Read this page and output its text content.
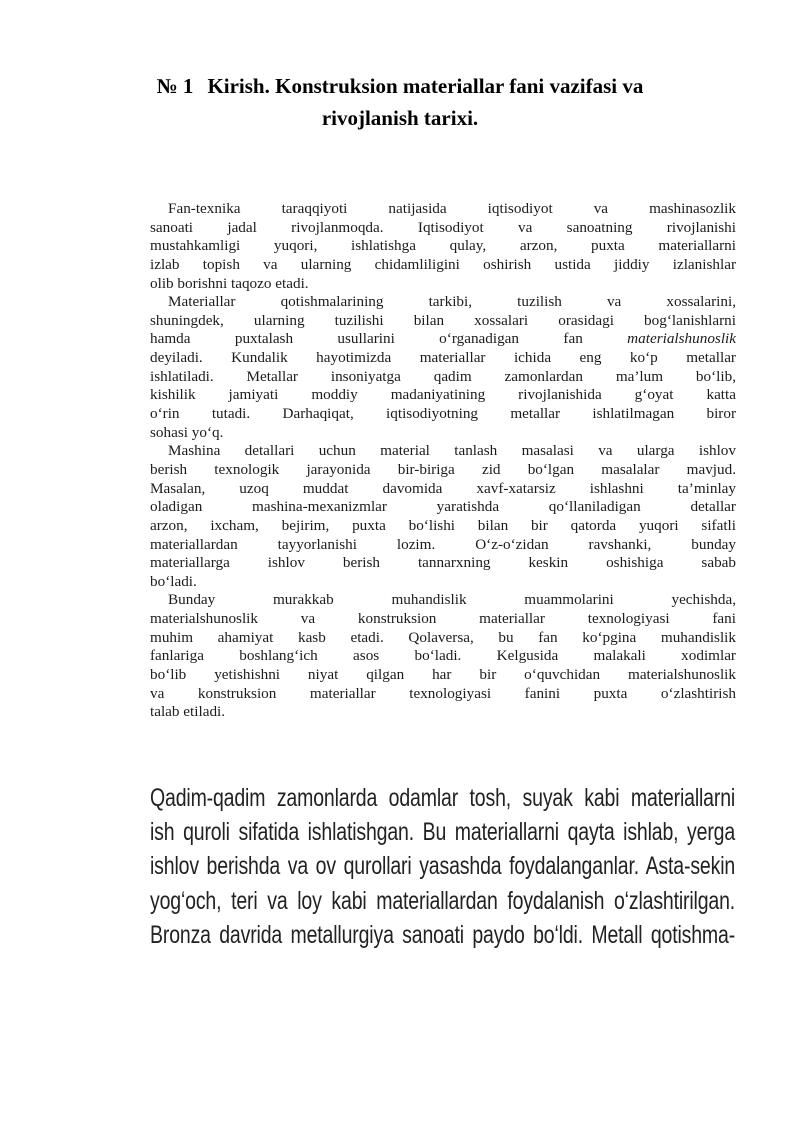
№ 1 Kirish. Konstruksion materiallar fani vazifasi va
rivojlanish tarixi.
Fan-texnika taraqqiyoti natijasida iqtisodiyot va mashinasozlik
sanoati jadal rivojlanmoqda. Iqtisodiyot va sanoatning rivojlanishi
mustahkamligi yuqori, ishlatishga qulay, arzon, puxta materiallarni
izlab topish va ularning chidamliligini oshirish ustida jiddiy izlanishlar
olib borishni taqozo etadi.
Materiallar qotishmalarining tarkibi, tuzilish va xossalarini,
shuningdek, ularning tuzilishi bilan xossalari orasidagi bog‘lanishlarni
hamda puxtalash usullarini o‘rganadigan fan	materialshunoslik
deyiladi. Kundalik hayotimizda materiallar ichida eng ko‘p metallar
ishlatiladi. Metallar insoniyatga qadim zamonlardan ma’lum bo‘lib,
kishilik jamiyati moddiy madaniyatining rivojlanishida g‘oyat katta
o‘rin tutadi. Darhaqiqat, iqtisodiyotning metallar ishlatilmagan biror
sohasi yo‘q.
Mashina detallari uchun material tanlash masalasi va ularga ishlov
berish texnologik jarayonida bir-biriga zid bo‘lgan masalalar mavjud.
Masalan, uzoq muddat davomida xavf-xatarsiz ishlashni ta’minlay
oladigan mashina-mexanizmlar yaratishda qo‘llaniladigan detallar
arzon, ixcham, bejirim, puxta bo‘lishi bilan bir qatorda yuqori sifatli
materiallardan tayyorlanishi lozim. O‘z-o‘zidan ravshanki, bunday
materiallarga ishlov berish tannarxning keskin oshishiga sabab
bo‘ladi.
Bunday murakkab muhandislik muammolarini yechishda,
materialshunoslik va konstruksion materiallar texnologiyasi fani
muhim ahamiyat kasb etadi. Qolaversa, bu fan ko‘pgina muhandislik
fanlariga boshlang‘ich asos bo‘ladi. Kelgusida malakali xodimlar
bo‘lib yetishishni niyat qilgan har bir o‘quvchidan materialshunoslik
va konstruksion materiallar texnologiyasi fanini puxta o‘zlashtirish
talab etiladi.
Qadim-qadim zamonlarda odamlar tosh, suyak kabi materiallarni
ish quroli sifatida ishlatishgan. Bu materiallarni qayta ishlab, yerga
ishlov berishda va ov qurollari yasashda foydalanganlar. Asta-sekin
yog‘och, teri va loy kabi materiallardan foydalanish o‘zlashtirilgan.
Bronza davrida metallurgiya sanoati paydo bo‘ldi. Metall qotishma-
